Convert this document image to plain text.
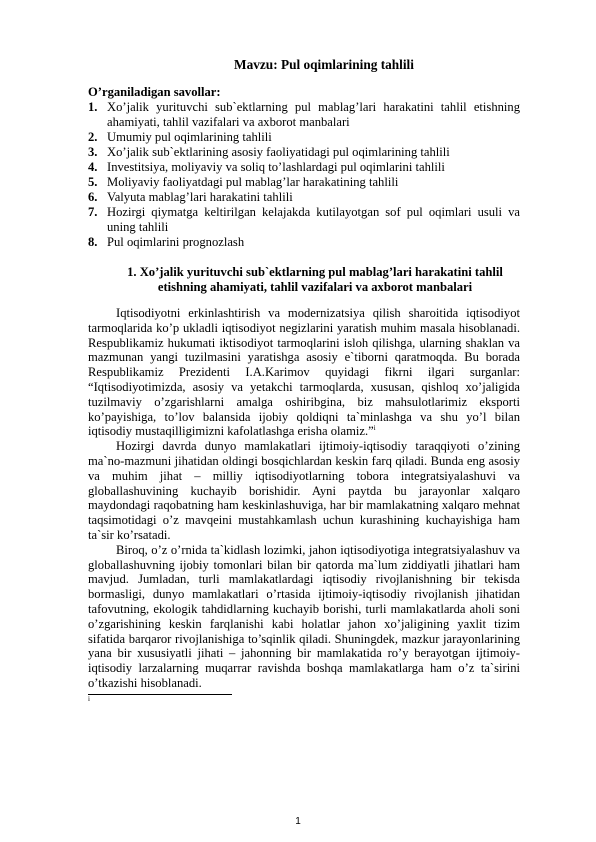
Mavzu: Pul oqimlarining tahlili

O’rganiladigan savollar:

1. Xo’jalik yurituvchi sub`ektlarning pul mablag’lari harakatini tahlil etishning ahamiyati, tahlil vazifalari va axborot manbalari
2. Umumiy pul oqimlarining tahlili
3. Xo’jalik sub`ektlarining asosiy faoliyatidagi pul oqimlarining tahlili
4. Investitsiya, moliyaviy va soliq to’lashlardagi pul oqimlarini tahlili
5. Moliyaviy faoliyatdagi pul mablag’lar harakatining tahlili
6. Valyuta mablag’lari harakatini tahlili
7. Hozirgi qiymatga keltirilgan kelajakda kutilayotgan sof pul oqimlari usuli va uning tahlili
8. Pul oqimlarini prognozlash

1. Xo’jalik yurituvchi sub`ektlarning pul mablag’lari harakatini tahlil etishning ahamiyati, tahlil vazifalari va axborot manbalari

Iqtisodiyotni erkinlashtirish va modernizatsiya qilish sharoitida iqtisodiyot tarmoqlarida ko’p ukladli iqtisodiyot negizlarini yaratish muhim masala hisoblanadi. Respublikamiz hukumati iktisodiyot tarmoqlarini isloh qilishga, ularning shaklan va mazmunan yangi tuzilmasini yaratishga asosiy e`tiborni qaratmoqda. Bu borada Respublikamiz Prezidenti I.A.Karimov quyidagi fikrni ilgari surganlar: “Iqtisodiyotimizda, asosiy va yetakchi tarmoqlarda, xususan, qishloq xo’jaligida tuzilmaviy o’zgarishlarni amalga oshiribgina, biz mahsulotlarimiz eksporti ko’payishiga, to’lov balansida ijobiy qoldiqni ta`minlashga va shu yo’l bilan iqtisodiy mustaqilligimizni kafolatlashga erisha olamiz.”$^i$

Hozirgi davrda dunyo mamlakatlari ijtimoiy-iqtisodiy taraqqiyoti o’zining ma`no-mazmuni jihatidan oldingi bosqichlardan keskin farq qiladi. Bunda eng asosiy va muhim jihat – milliy iqtisodiyotlarning tobora integratsiyalashuvi va globallashuvining kuchayib borishidir. Ayni paytda bu jarayonlar xalqaro maydondagi raqobatning ham keskinlashuviga, har bir mamlakatning xalqaro mehnat taqsimotidagi o’z mavqeini mustahkamlash uchun kurashining kuchayishiga ham ta`sir ko’rsatadi.

Biroq, o’z o’rnida ta`kidlash lozimki, jahon iqtisodiyotiga integratsiyalashuv va globallashuvning ijobiy tomonlari bilan bir qatorda ma`lum ziddiyatli jihatlari ham mavjud. Jumladan, turli mamlakatlardagi iqtisodiy rivojlanishning bir tekisda bormasligi, dunyo mamlakatlari o’rtasida ijtimoiy-iqtisodiy rivojlanish jihatidan tafovutning, ekologik tahdidlarning kuchayib borishi, turli mamlakatlarda aholi soni o’zgarishining keskin farqlanishi kabi holatlar jahon xo’jaligining yaxlit tizim sifatida barqaror rivojlanishiga to’sqinlik qiladi. Shuningdek, mazkur jarayonlarining yana bir xususiyatli jihati – jahonning bir mamlakatida ro’y berayotgan ijtimoiy-iqtisodiy larzalarning muqarrar ravishda boshqa mamlakatlarga ham o’z ta`sirini o’tkazishi hisoblanadi.

i
1
